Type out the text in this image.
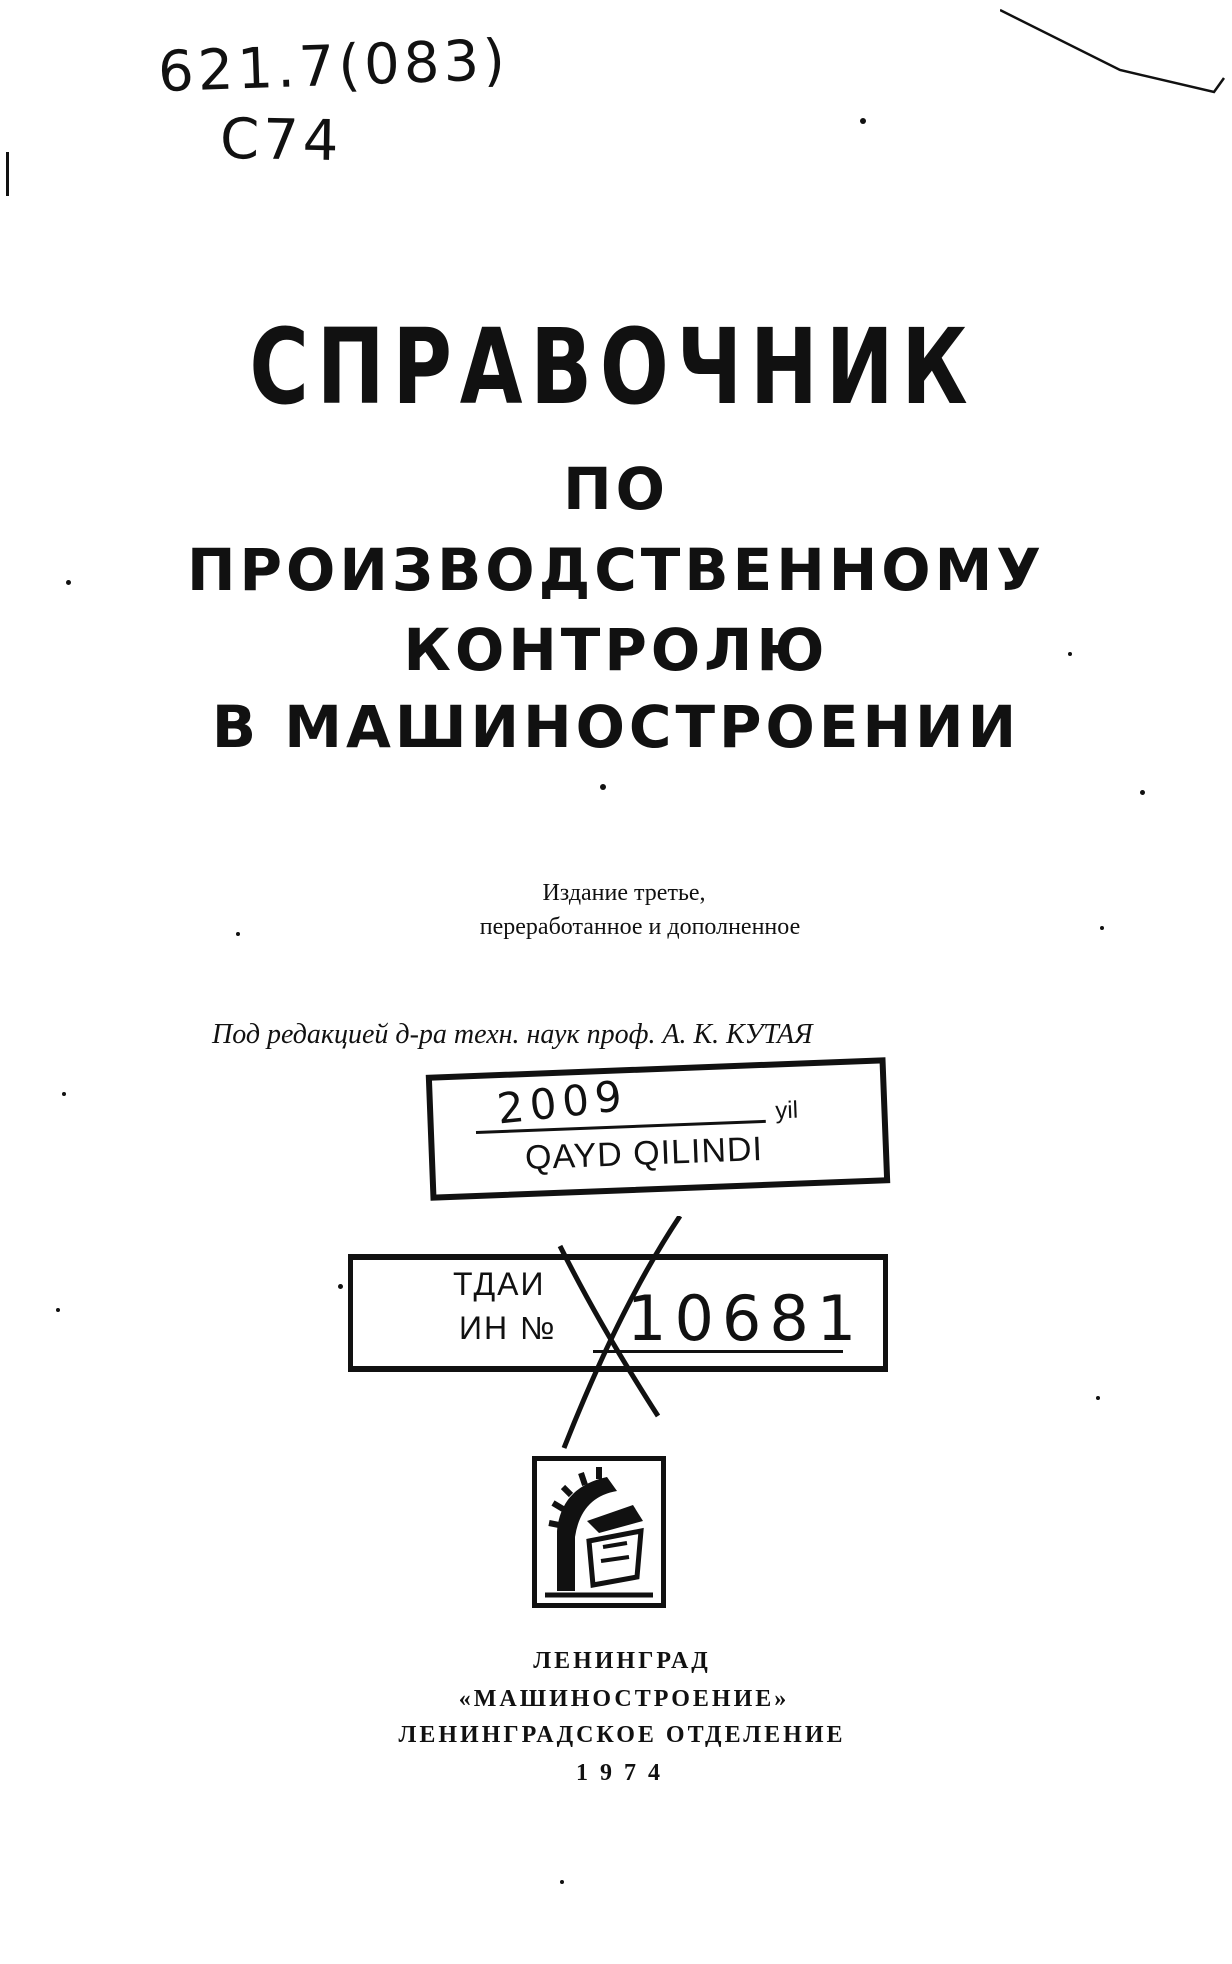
621.7(083)
С74
СПРАВОЧНИК
ПО
ПРОИЗВОДСТВЕННОМУ
КОНТРОЛЮ
В МАШИНОСТРОЕНИИ
Издание третье,
переработанное и дополненное
Под редакцией д-ра техн. наук проф. А. К. КУТАЯ
2009	yil
QAYD QILINDI
ТДАИ
ИН № 10681
ЛЕНИНГРАД
«МАШИНОСТРОЕНИЕ»
ЛЕНИНГРАДСКОЕ ОТДЕЛЕНИЕ
1974
